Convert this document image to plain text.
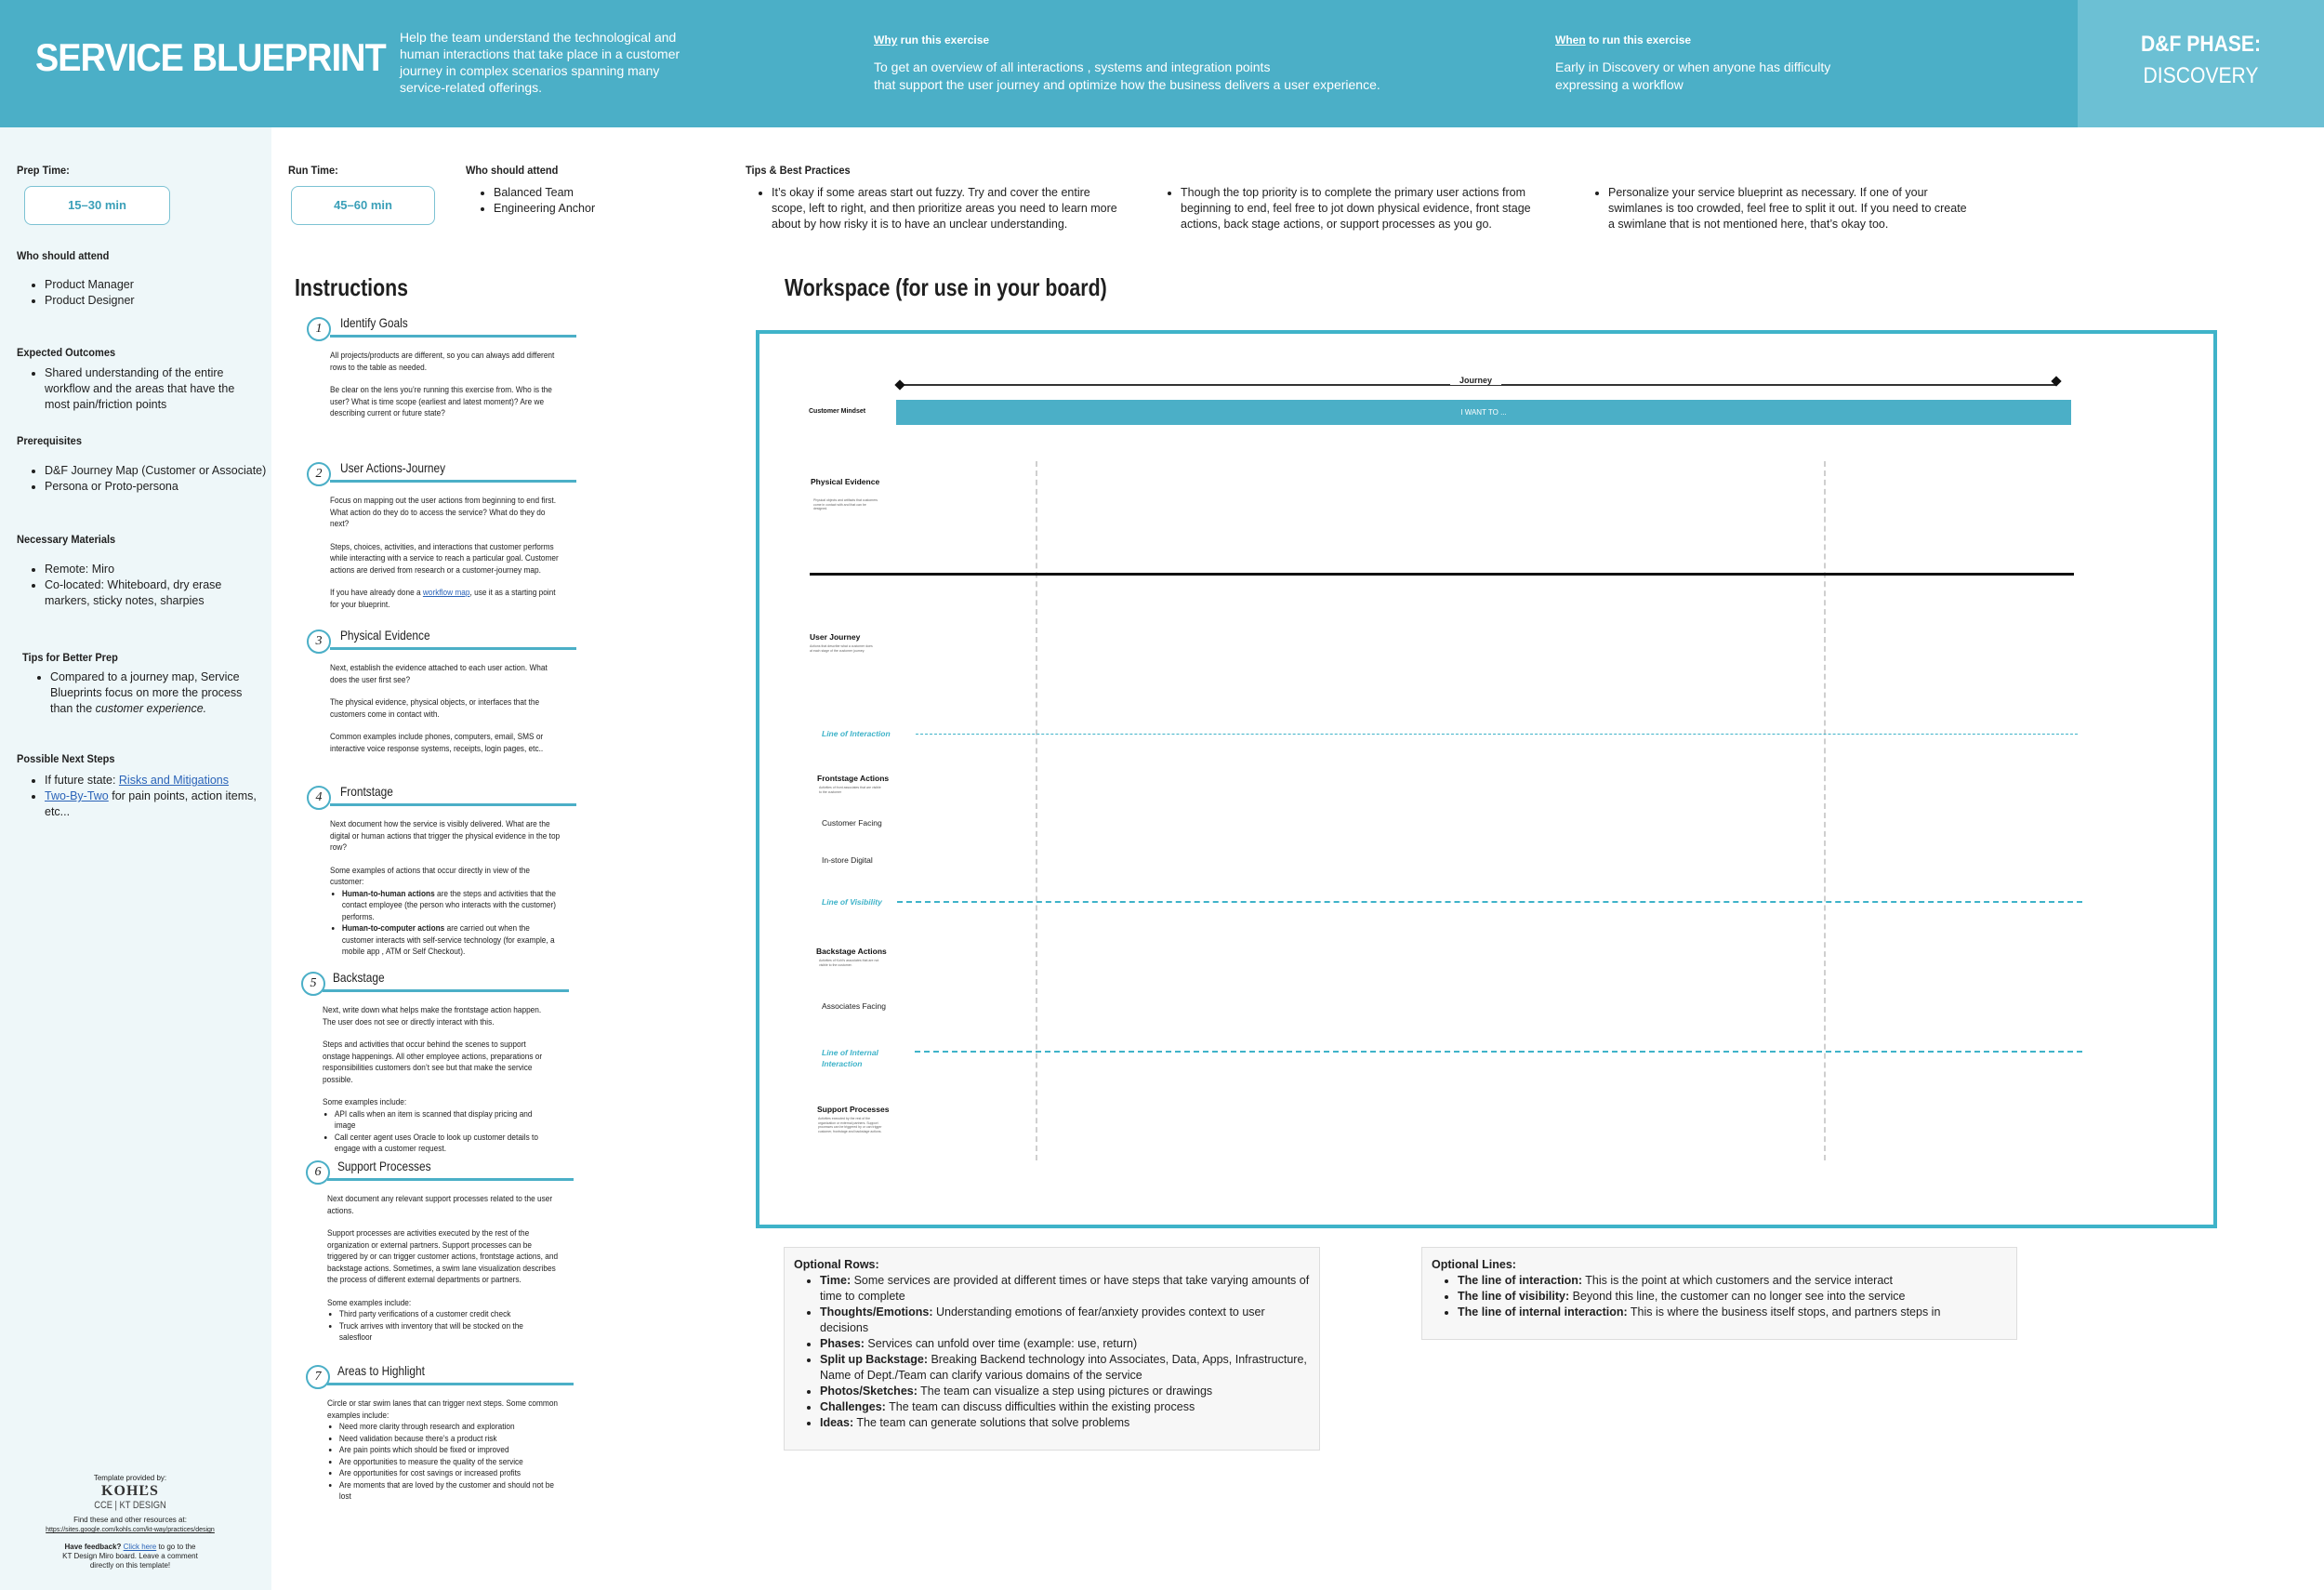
SERVICE BLUEPRINT Help the team understand the technological and human interactions that take place in a customer journey in complex scenarios spanning many service-related offerings.
Why run this exercise
To get an overview of all interactions , systems and integration points
that support the user journey and optimize how the business delivers a user experience.
When to run this exercise
Early in Discovery or when anyone has difficulty
expressing a workflow
D&F PHASE:
DISCOVERY
Prep Time:
15–30 min
Who should attend
• Product Manager
• Product Designer
Expected Outcomes
• Shared understanding of the entire workflow and the areas that have the most pain/friction points
Prerequisites
• D&F Journey Map (Customer or Associate)
• Persona or Proto-persona
Necessary Materials
• Remote: Miro
• Co-located: Whiteboard, dry erase markers, sticky notes, sharpies
Tips for Better Prep
• Compared to a journey map, Service Blueprints focus on more the process than the customer experience.
Possible Next Steps
• If future state: Risks and Mitigations
• Two-By-Two for pain points, action items, etc...
Template provided by:
KOHĽS
CCE | KT DESIGN
Find these and other resources at:
https://sites.google.com/kohls.com/kt-way/practices/design
Have feedback? Click here to go to the
KT Design Miro board. Leave a comment
directly on this template!
Run Time:
45–60 min
Who should attend
• Balanced Team
• Engineering Anchor
Tips & Best Practices
• It’s okay if some areas start out fuzzy. Try and cover the entire scope, left to right, and then prioritize areas you need to learn more about by how risky it is to have an unclear understanding.
• Though the top priority is to complete the primary user actions from beginning to end, feel free to jot down physical evidence, front stage actions, back stage actions, or support processes as you go.
• Personalize your service blueprint as necessary. If one of your swimlanes is too crowded, feel free to split it out. If you need to create a swimlane that is not mentioned here, that’s okay too.
Instructions
1	Identify Goals

All projects/products are different, so you can always add different rows to the table as needed.

Be clear on the lens you’re running this exercise from. Who is the user? What is time scope (earliest and latest moment)? Are we describing current or future state?

2	User Actions-Journey

Focus on mapping out the user actions from beginning to end first. What action do they do to access the service? What do they do next?

Steps, choices, activities, and interactions that customer performs while interacting with a service to reach a particular goal. Customer actions are derived from research or a customer-journey map.

If you have already done a workflow map, use it as a starting point for your blueprint.

3	Physical Evidence

Next, establish the evidence attached to each user action. What does the user first see?

The physical evidence, physical objects, or interfaces that the customers come in contact with.

Common examples include phones, computers, email, SMS or interactive voice response systems, receipts, login pages, etc..

4	Frontstage

Next document how the service is visibly delivered. What are the digital or human actions that trigger the physical evidence in the top row?

Some examples of actions that occur directly in view of the customer:

• Human-to-human actions are the steps and activities that the contact employee (the person who interacts with the customer) performs.
• Human-to-computer actions are carried out when the customer interacts with self-service technology (for example, a mobile app , ATM or Self Checkout).
5	Backstage

Next, write down what helps make the frontstage action happen. The user does not see or directly interact with this.

Steps and activities that occur behind the scenes to support onstage happenings. All other employee actions, preparations or responsibilities customers don’t see but that make the service possible.

Some examples include:

• API calls when an item is scanned that display pricing and image
• Call center agent uses Oracle to look up customer details to engage with a customer request.
6	Support Processes

Next document any relevant support processes related to the user actions.

Support processes are activities executed by the rest of the organization or external partners. Support processes can be triggered by or can trigger customer actions, frontstage actions, and backstage actions. Sometimes, a swim lane visualization describes the process of different external departments or partners.

Some examples include:

• Third party verifications of a customer credit check
• Truck arrives with inventory that will be stocked on the salesfloor
7	Areas to Highlight

Circle or star swim lanes that can trigger next steps. Some common examples include:

• Need more clarity through research and exploration
• Need validation because there’s a product risk
• Are pain points which should be fixed or improved
• Are opportunities to measure the quality of the service
• Are opportunities for cost savings or increased profits
• Are moments that are loved by the customer and should not be lost
Workspace (for use in your board)
Journey
Customer Mindset	I WANT TO ...
Physical Evidence
Physical objects and artifacts that customers come in contact with and that can be designed.
User Journey
Actions that describe what a customer does at each stage of the customer journey.
Line of Interaction
Frontstage Actions
Activities of front associates that are visible to the customer
Customer Facing
In-store Digital
Line of Visibility
Backstage Actions
Activities of Kohl’s associates that are not visible to the customer.
Associates Facing
Line of Internal
Interaction
Support Processes
Activities executed by the rest of the organization or external partners. Support processes can be triggered by or can trigger customer, frontstage and backstage actions.
Optional Rows:
• Time: Some services are provided at different times or have steps that take varying amounts of time to complete
• Thoughts/Emotions: Understanding emotions of fear/anxiety provides context to user decisions
• Phases: Services can unfold over time (example: use, return)
• Split up Backstage: Breaking Backend technology into Associates, Data, Apps, Infrastructure, Name of Dept./Team can clarify various domains of the service
• Photos/Sketches: The team can visualize a step using pictures or drawings
• Challenges: The team can discuss difficulties within the existing process
• Ideas: The team can generate solutions that solve problems
Optional Lines:
• The line of interaction: This is the point at which customers and the service interact
• The line of visibility: Beyond this line, the customer can no longer see into the service
• The line of internal interaction: This is where the business itself stops, and partners steps in
